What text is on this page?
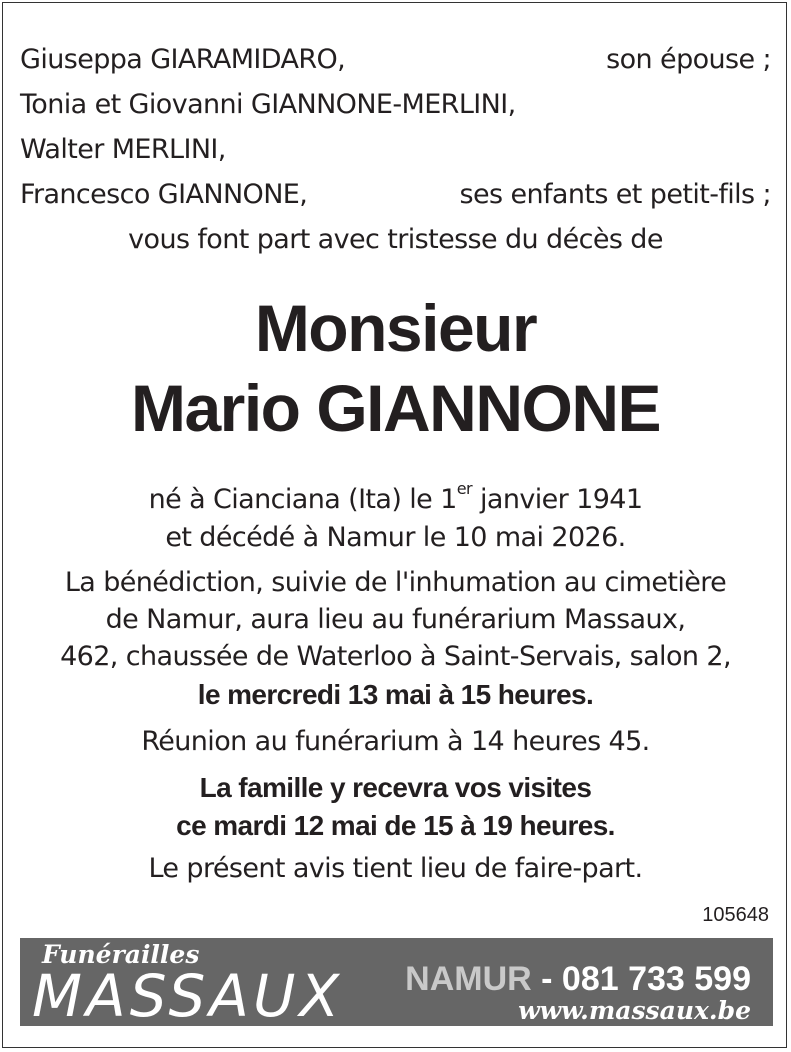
Giuseppa GIARAMIDARO,	son épouse ;
Tonia et Giovanni GIANNONE-MERLINI,
Walter MERLINI,
Francesco GIANNONE,	ses enfants et petit-fils ;
vous font part avec tristesse du décès de
Monsieur
Mario GIANNONE
né à Cianciana (Ita) le 1er janvier 1941
et décédé à Namur le 10 mai 2026.
La bénédiction, suivie de l'inhumation au cimetière
de Namur, aura lieu au funérarium Massaux,
462, chaussée de Waterloo à Saint-Servais, salon 2,
le mercredi 13 mai à 15 heures.
Réunion au funérarium à 14 heures 45.
La famille y recevra vos visites
ce mardi 12 mai de 15 à 19 heures.
Le présent avis tient lieu de faire-part.
105648
Funérailles
MASSAUX NAMUR - 081 733 599
www.massaux.be
